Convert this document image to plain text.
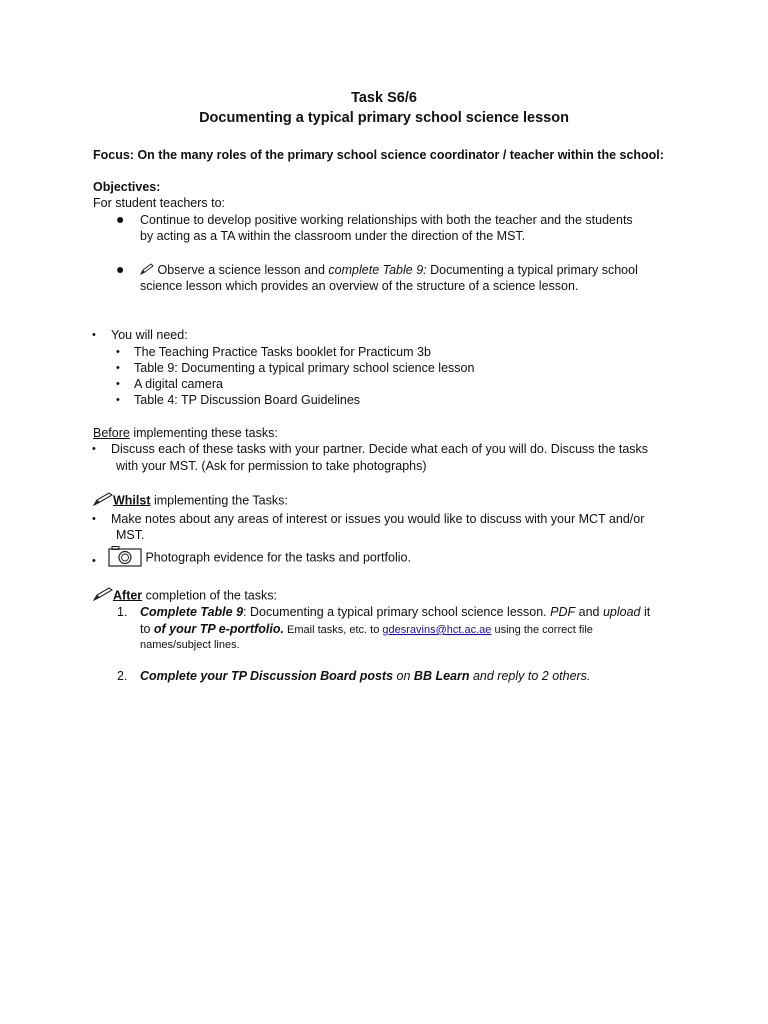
Task S6/6
Documenting a typical primary school science lesson
Focus: On the many roles of the primary school science coordinator / teacher within the school:
Objectives:
For student teachers to:
● Continue to develop positive working relationships with both the teacher and the students
by acting as a TA within the classroom under the direction of the MST.
●	Observe a science lesson and complete Table 9: Documenting a typical primary school
science lesson which provides an overview of the structure of a science lesson.
• You will need:
• The Teaching Practice Tasks booklet for Practicum 3b
• Table 9: Documenting a typical primary school science lesson
• A digital camera
• Table 4: TP Discussion Board Guidelines
Before implementing these tasks:
• Discuss each of these tasks with your partner. Decide what each of you will do. Discuss the tasks
with your MST. (Ask for permission to take photographs)
Whilst implementing the Tasks:
• Make notes about any areas of interest or issues you would like to discuss with your MCT and/or
MST.
•	Photograph evidence for the tasks and portfolio.
After completion of the tasks:
1. Complete Table 9: Documenting a typical primary school science lesson. PDF and upload it
to of your TP e-portfolio. Email tasks, etc. to gdesravins@hct.ac.ae using the correct file
names/subject lines.
2. Complete your TP Discussion Board posts on BB Learn and reply to 2 others.
